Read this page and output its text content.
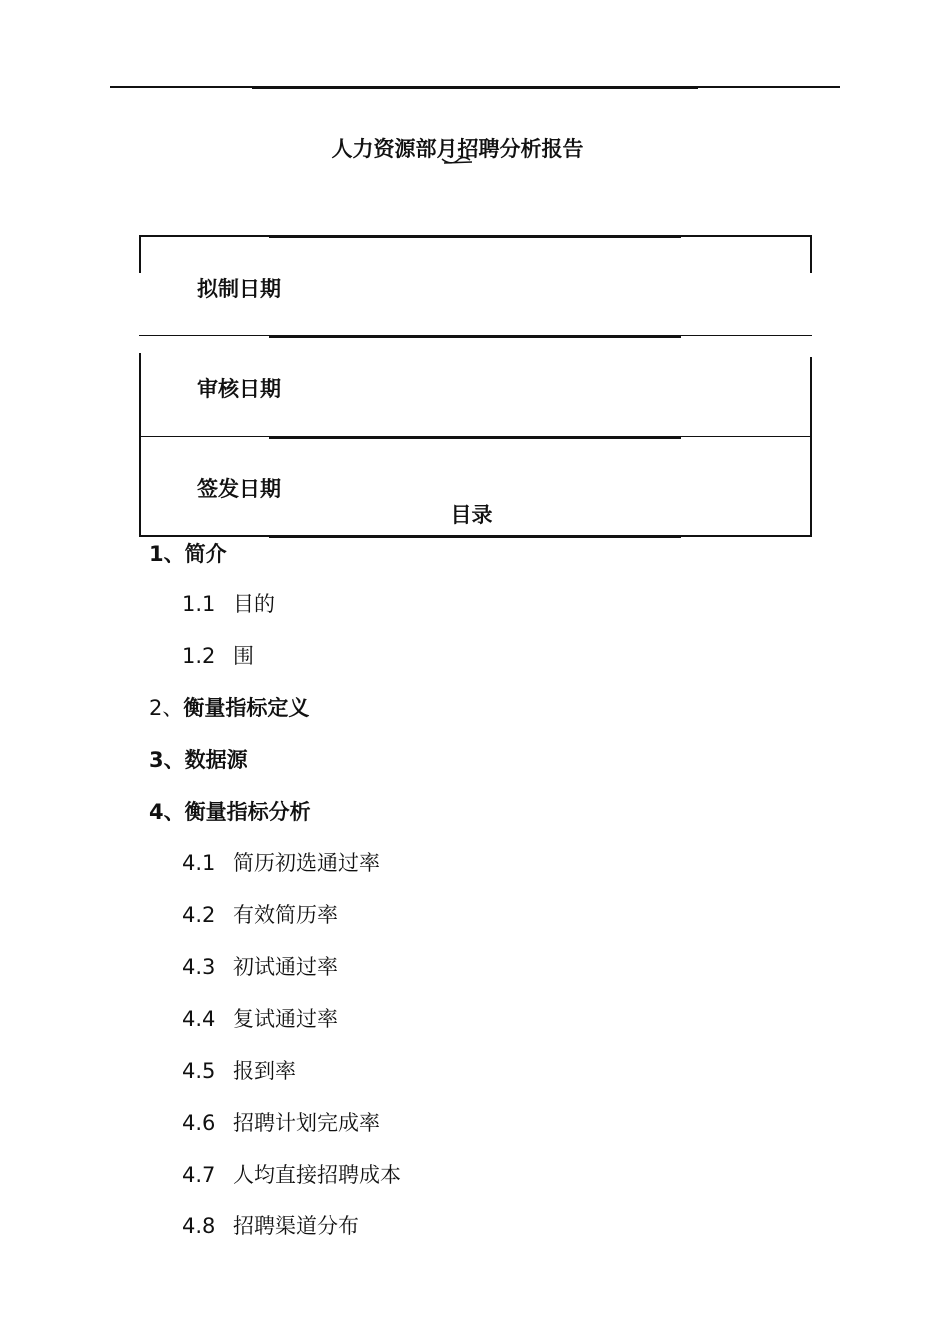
人力资源部月招聘分析报告
拟制日期
审核日期
签发日期
目录
1、简介
1.1 目的
1.2 围
2、衡量指标定义
3、数据源
4、衡量指标分析
4.1 简历初选通过率
4.2 有效简历率
4.3 初试通过率
4.4 复试通过率
4.5 报到率
4.6 招聘计划完成率
4.7 人均直接招聘成本
4.8 招聘渠道分布
